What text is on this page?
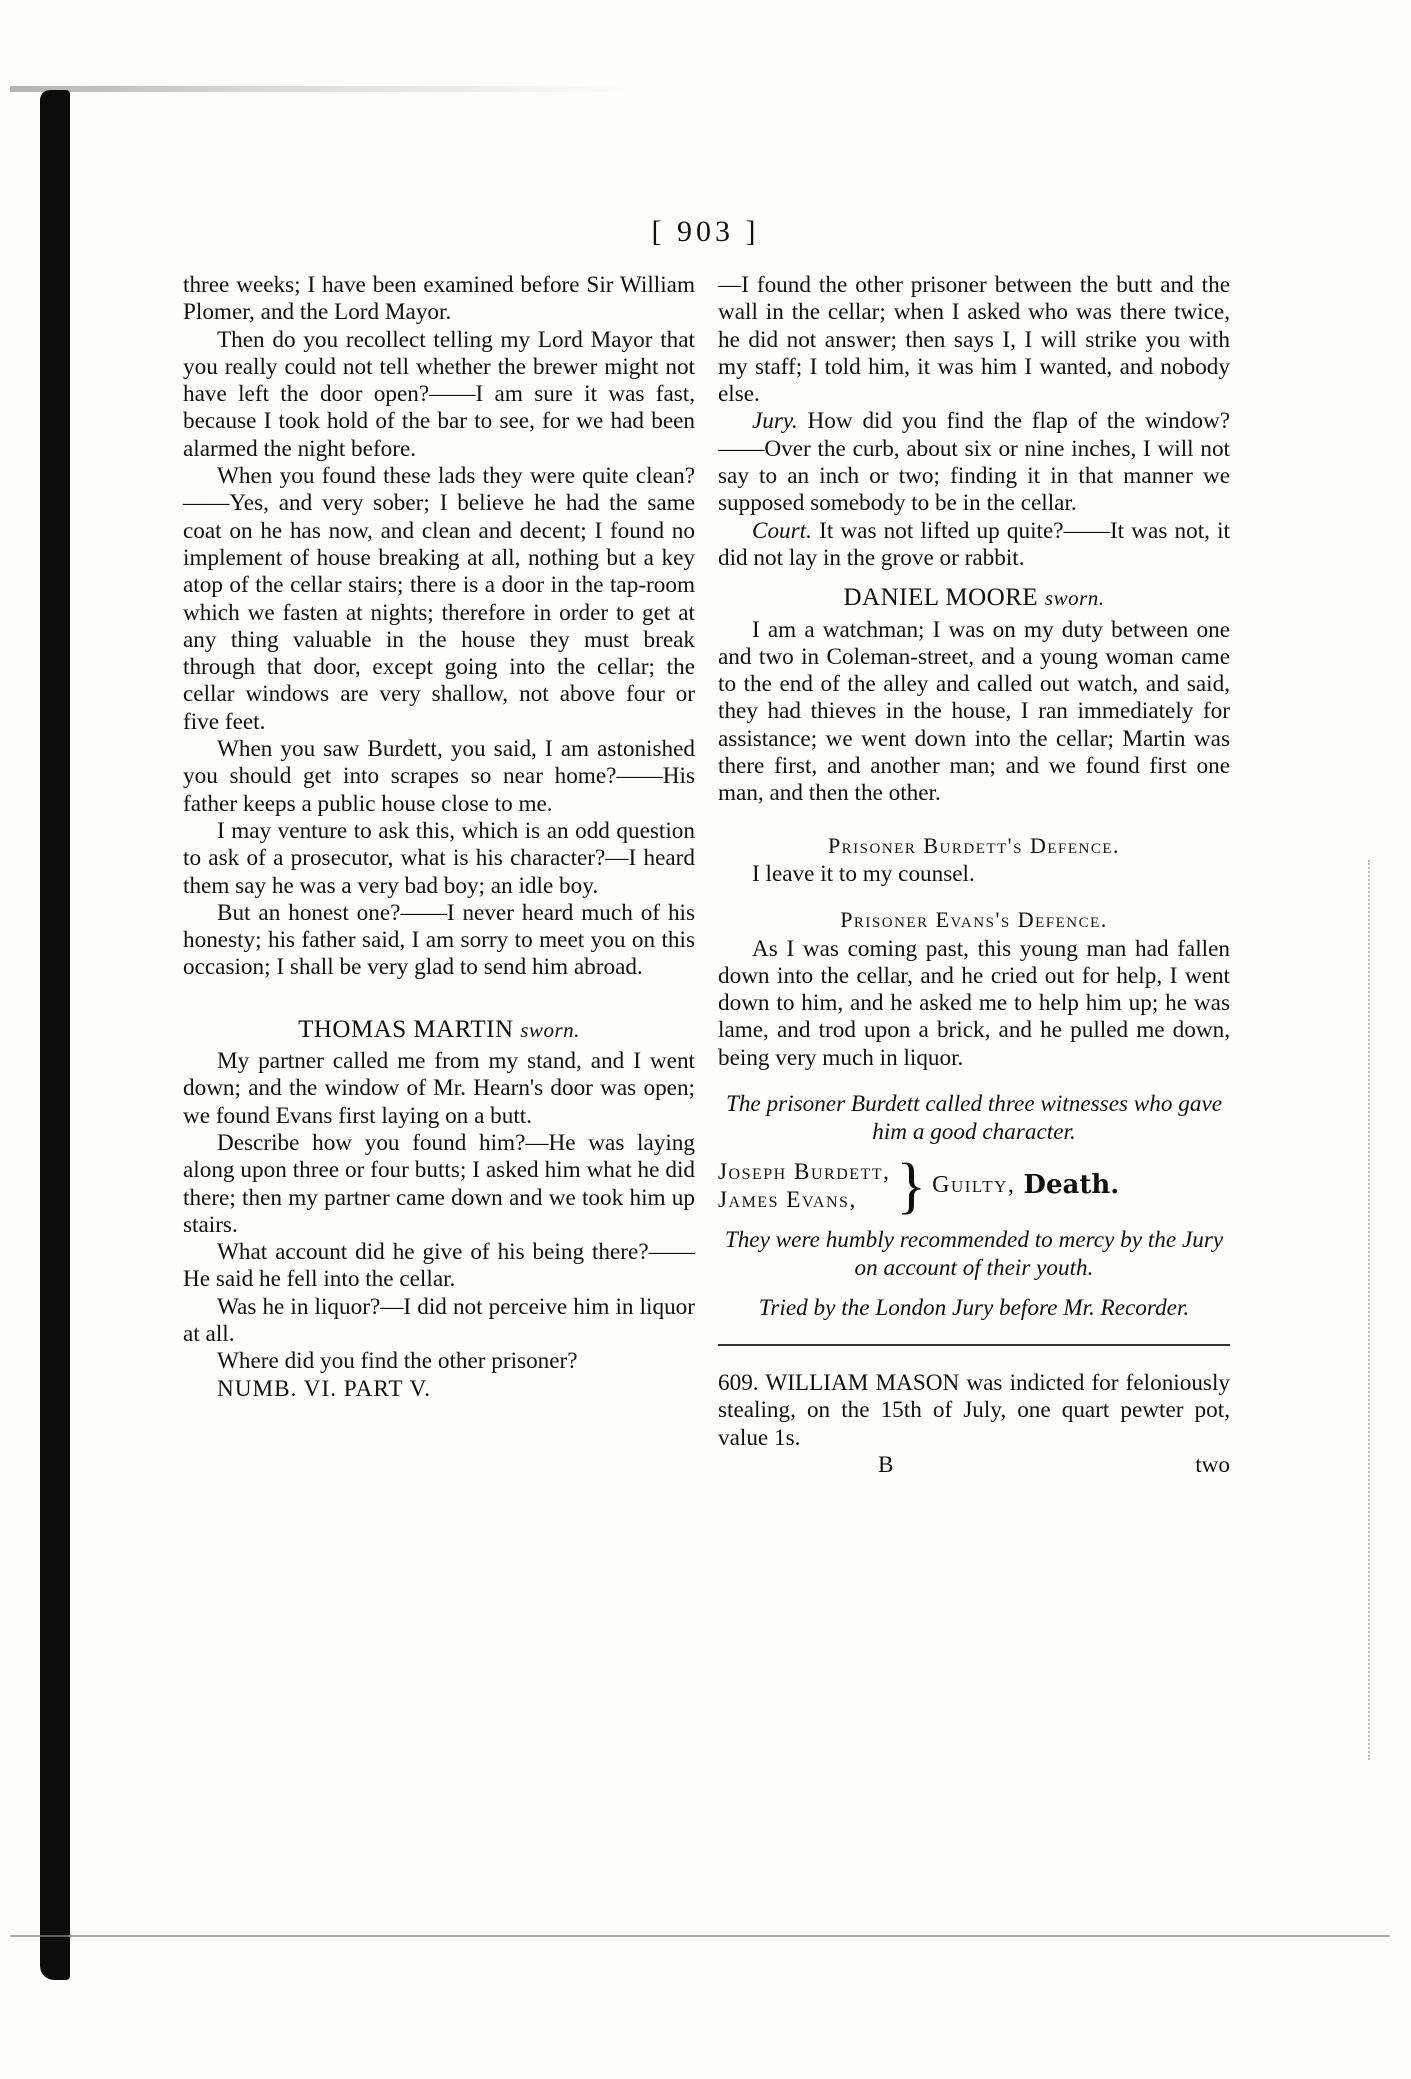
[ 903 ]

three weeks; I have been examined before Sir William Plomer, and the Lord Mayor.

Then do you recollect telling my Lord Mayor that you really could not tell whether the brewer might not have left the door open?——I am sure it was fast, because I took hold of the bar to see, for we had been alarmed the night before.

When you found these lads they were quite clean?——Yes, and very sober; I believe he had the same coat on he has now, and clean and decent; I found no implement of house breaking at all, nothing but a key atop of the cellar stairs; there is a door in the tap-room which we fasten at nights; therefore in order to get at any thing valuable in the house they must break through that door, except going into the cellar; the cellar windows are very shallow, not above four or five feet.

When you saw Burdett, you said, I am astonished you should get into scrapes so near home?——His father keeps a public house close to me.

I may venture to ask this, which is an odd question to ask of a prosecutor, what is his character?—I heard them say he was a very bad boy; an idle boy.

But an honest one?——I never heard much of his honesty; his father said, I am sorry to meet you on this occasion; I shall be very glad to send him abroad.

THOMAS MARTIN sworn.

My partner called me from my stand, and I went down; and the window of Mr. Hearn's door was open; we found Evans first laying on a butt.

Describe how you found him?—He was laying along upon three or four butts; I asked him what he did there; then my partner came down and we took him up stairs.

What account did he give of his being there?——He said he fell into the cellar.

Was he in liquor?—I did not perceive him in liquor at all.

Where did you find the other prisoner?

NUMB. VI. PART V.

—I found the other prisoner between the butt and the wall in the cellar; when I asked who was there twice, he did not answer; then says I, I will strike you with my staff; I told him, it was him I wanted, and nobody else.

Jury. How did you find the flap of the window?——Over the curb, about six or nine inches, I will not say to an inch or two; finding it in that manner we supposed somebody to be in the cellar.

Court. It was not lifted up quite?——It was not, it did not lay in the grove or rabbit.

DANIEL MOORE sworn.

I am a watchman; I was on my duty between one and two in Coleman-street, and a young woman came to the end of the alley and called out watch, and said, they had thieves in the house, I ran immediately for assistance; we went down into the cellar; Martin was there first, and another man; and we found first one man, and then the other.

Prisoner Burdett's Defence.

I leave it to my counsel.

Prisoner Evans's Defence.

As I was coming past, this young man had fallen down into the cellar, and he cried out for help, I went down to him, and he asked me to help him up; he was lame, and trod upon a brick, and he pulled me down, being very much in liquor.

The prisoner Burdett called three witnesses who gave him a good character.
Joseph Burdett,
James Evans, } Guilty, Death.
They were humbly recommended to mercy by the Jury on account of their youth.
Tried by the London Jury before Mr. Recorder.

609. WILLIAM MASON was indicted for feloniously stealing, on the 15th of July, one quart pewter pot, value 1s.

B	two
